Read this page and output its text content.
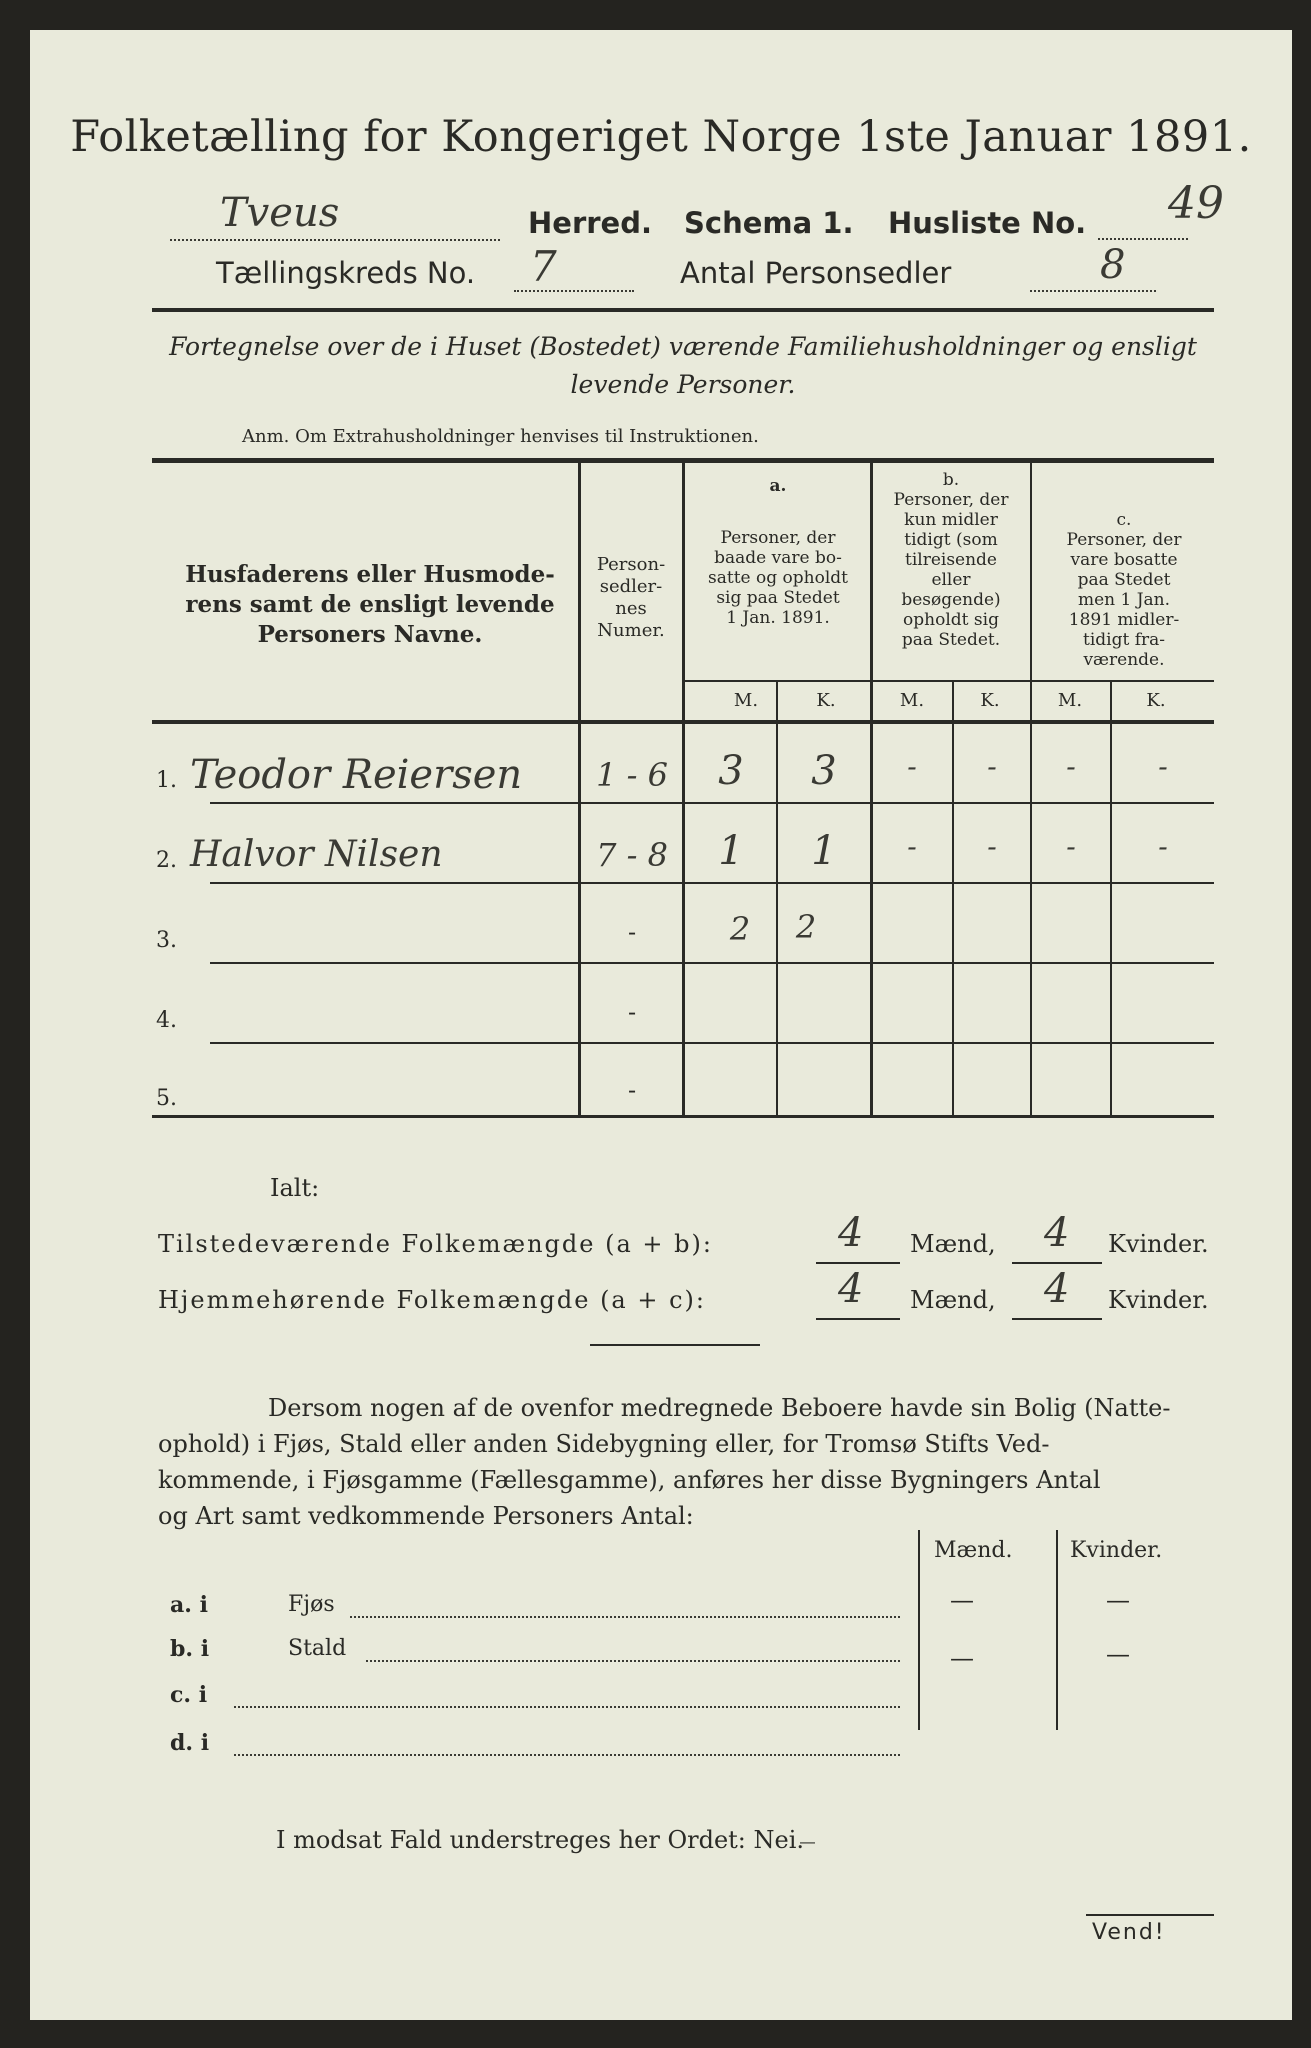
Folketælling for Kongeriget Norge 1ste Januar 1891.
Tveus	Herred. Schema 1. Husliste No. 49
Tællingskreds No. 7	Antal Personsedler	8
Fortegnelse over de i Huset (Bostedet) værende Familiehusholdninger og ensligt
levende Personer.
Anm. Om Extrahusholdninger henvises til Instruktionen.
Husfaderens eller Husmode-
rens samt de ensligt levende
Personers Navne.
Person-
sedler-
nes
Numer.
a.
Personer, der
baade vare bo-
satte og opholdt
sig paa Stedet
1 Jan. 1891.
b.
Personer, der
kun midler
tidigt (som
tilreisende
eller
besøgende)
opholdt sig
paa Stedet.
c.
Personer, der
vare bosatte
paa Stedet
men 1 Jan.
1891 midler-
tidigt fra-
værende.
M.	K.	M.	K.	M.	K.
1. Teodor Reiersen	1 - 6	3	3	-	-	-	-
2. Halvor Nilsen	7 - 8	1	1	-	-	-	-
3.	-	2	2
4.	-
5.	-
Ialt:
Tilstedeværende Folkemængde (a + b):	4 Mænd, 4 Kvinder.
Hjemmehørende Folkemængde (a + c):	4 Mænd, 4 Kvinder.
Dersom nogen af de ovenfor medregnede Beboere havde sin Bolig (Natte-
ophold) i Fjøs, Stald eller anden Sidebygning eller, for Tromsø Stifts Ved-
kommende, i Fjøsgamme (Fællesgamme), anføres her disse Bygningers Antal
og Art samt vedkommende Personers Antal:
Mænd.	Kvinder.
a. i	Fjøs	—	—
b. i	Stald	—	—
c. i
d. i
I modsat Fald understreges her Ordet: Nei.
‾
Vend!
